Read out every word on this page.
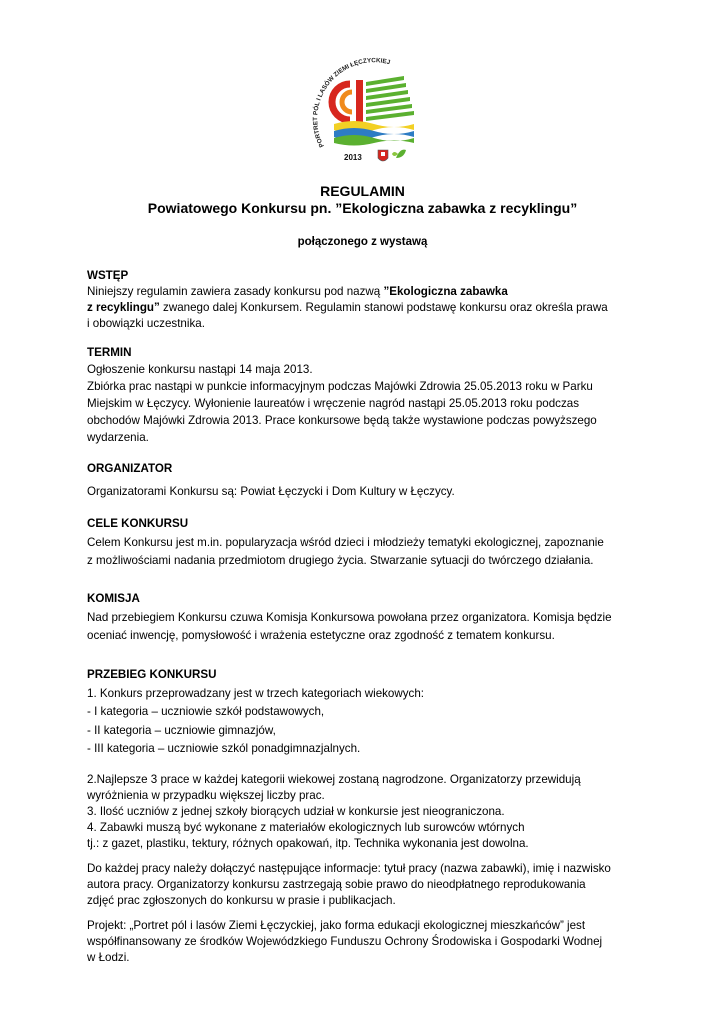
PORTRET PÓL I LASÓW ZIEMI ŁĘCZYCKIEJ
2013
REGULAMIN
Powiatowego Konkursu pn. ”Ekologiczna zabawka z recyklingu”
połączonego z wystawą
WSTĘP
Niniejszy regulamin zawiera zasady konkursu pod nazwą ”Ekologiczna zabawka
z recyklingu” zwanego dalej Konkursem. Regulamin stanowi podstawę konkursu oraz określa prawa
i obowiązki uczestnika.
TERMIN
Ogłoszenie konkursu nastąpi 14 maja 2013.
Zbiórka prac nastąpi w punkcie informacyjnym podczas Majówki Zdrowia 25.05.2013 roku w Parku
Miejskim w Łęczycy. Wyłonienie laureatów i wręczenie nagród nastąpi 25.05.2013 roku podczas
obchodów Majówki Zdrowia 2013. Prace konkursowe będą także wystawione podczas powyższego
wydarzenia.
ORGANIZATOR
Organizatorami Konkursu są: Powiat Łęczycki i Dom Kultury w Łęczycy.
CELE KONKURSU
Celem Konkursu jest m.in. popularyzacja wśród dzieci i młodzieży tematyki ekologicznej, zapoznanie
z możliwościami nadania przedmiotom drugiego życia. Stwarzanie sytuacji do twórczego działania.
KOMISJA
Nad przebiegiem Konkursu czuwa Komisja Konkursowa powołana przez organizatora. Komisja będzie
oceniać inwencję, pomysłowość i wrażenia estetyczne oraz zgodność z tematem konkursu.
PRZEBIEG KONKURSU
1. Konkurs przeprowadzany jest w trzech kategoriach wiekowych:
- I kategoria – uczniowie szkół podstawowych,
- II kategoria – uczniowie gimnazjów,
- III kategoria – uczniowie szkól ponadgimnazjalnych.
2.Najlepsze 3 prace w każdej kategorii wiekowej zostaną nagrodzone. Organizatorzy przewidują
wyróżnienia w przypadku większej liczby prac.
3. Ilość uczniów z jednej szkoły biorących udział w konkursie jest nieograniczona.
4. Zabawki muszą być wykonane z materiałów ekologicznych lub surowców wtórnych
tj.: z gazet, plastiku, tektury, różnych opakowań, itp. Technika wykonania jest dowolna.
Do każdej pracy należy dołączyć następujące informacje: tytuł pracy (nazwa zabawki), imię i nazwisko
autora pracy. Organizatorzy konkursu zastrzegają sobie prawo do nieodpłatnego reprodukowania
zdjęć prac zgłoszonych do konkursu w prasie i publikacjach.
Projekt: „Portret pól i lasów Ziemi Łęczyckiej, jako forma edukacji ekologicznej mieszkańców” jest
współfinansowany ze środków Wojewódzkiego Funduszu Ochrony Środowiska i Gospodarki Wodnej
w Łodzi.
